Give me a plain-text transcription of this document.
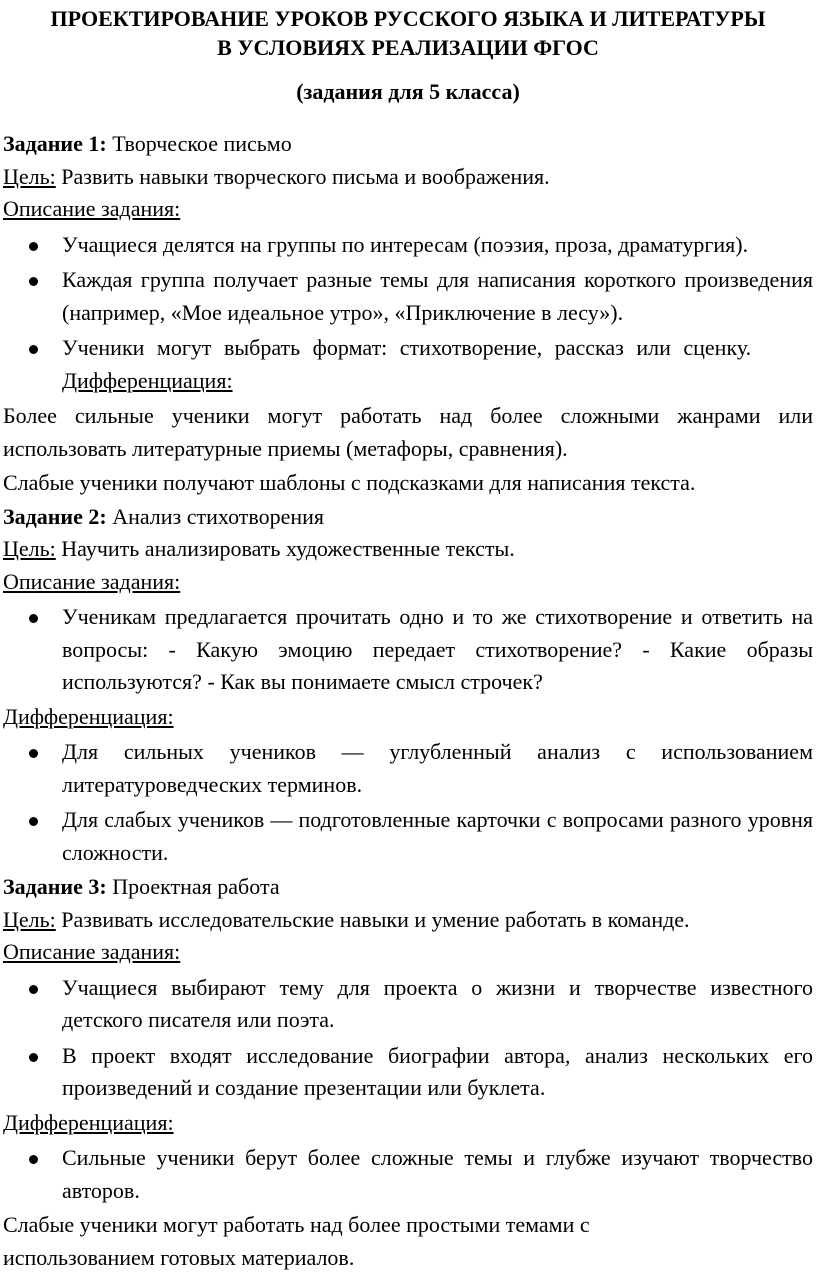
ПРОЕКТИРОВАНИЕ УРОКОВ РУССКОГО ЯЗЫКА И ЛИТЕРАТУРЫ
В УСЛОВИЯХ РЕАЛИЗАЦИИ ФГОС
(задания для 5 класса)

Задание 1: Творческое письмо

Цель: Развить навыки творческого письма и воображения.

Описание задания:

Учащиеся делятся на группы по интересам (поэзия, проза, драматургия).
Каждая группа получает разные темы для написания короткого произведения (например, «Мое идеальное утро», «Приключение в лесу»).
Ученики могут выбрать формат: стихотворение, рассказ или сценку.
Дифференциация:

Более сильные ученики могут работать над более сложными жанрами или использовать литературные приемы (метафоры, сравнения).

Слабые ученики получают шаблоны с подсказками для написания текста.

Задание 2: Анализ стихотворения

Цель: Научить анализировать художественные тексты.

Описание задания:

Ученикам предлагается прочитать одно и то же стихотворение и ответить на вопросы: - Какую эмоцию передает стихотворение? - Какие образы используются? - Как вы понимаете смысл строчек?

Дифференциация:

Для сильных учеников — углубленный анализ с использованием литературоведческих терминов.
Для слабых учеников — подготовленные карточки с вопросами разного уровня сложности.

Задание 3: Проектная работа

Цель: Развивать исследовательские навыки и умение работать в команде.

Описание задания:

Учащиеся выбирают тему для проекта о жизни и творчестве известного детского писателя или поэта.
В проект входят исследование биографии автора, анализ нескольких его произведений и создание презентации или буклета.

Дифференциация:

Сильные ученики берут более сложные темы и глубже изучают творчество авторов.

Слабые ученики могут работать над более простыми темами с использованием готовых материалов.
